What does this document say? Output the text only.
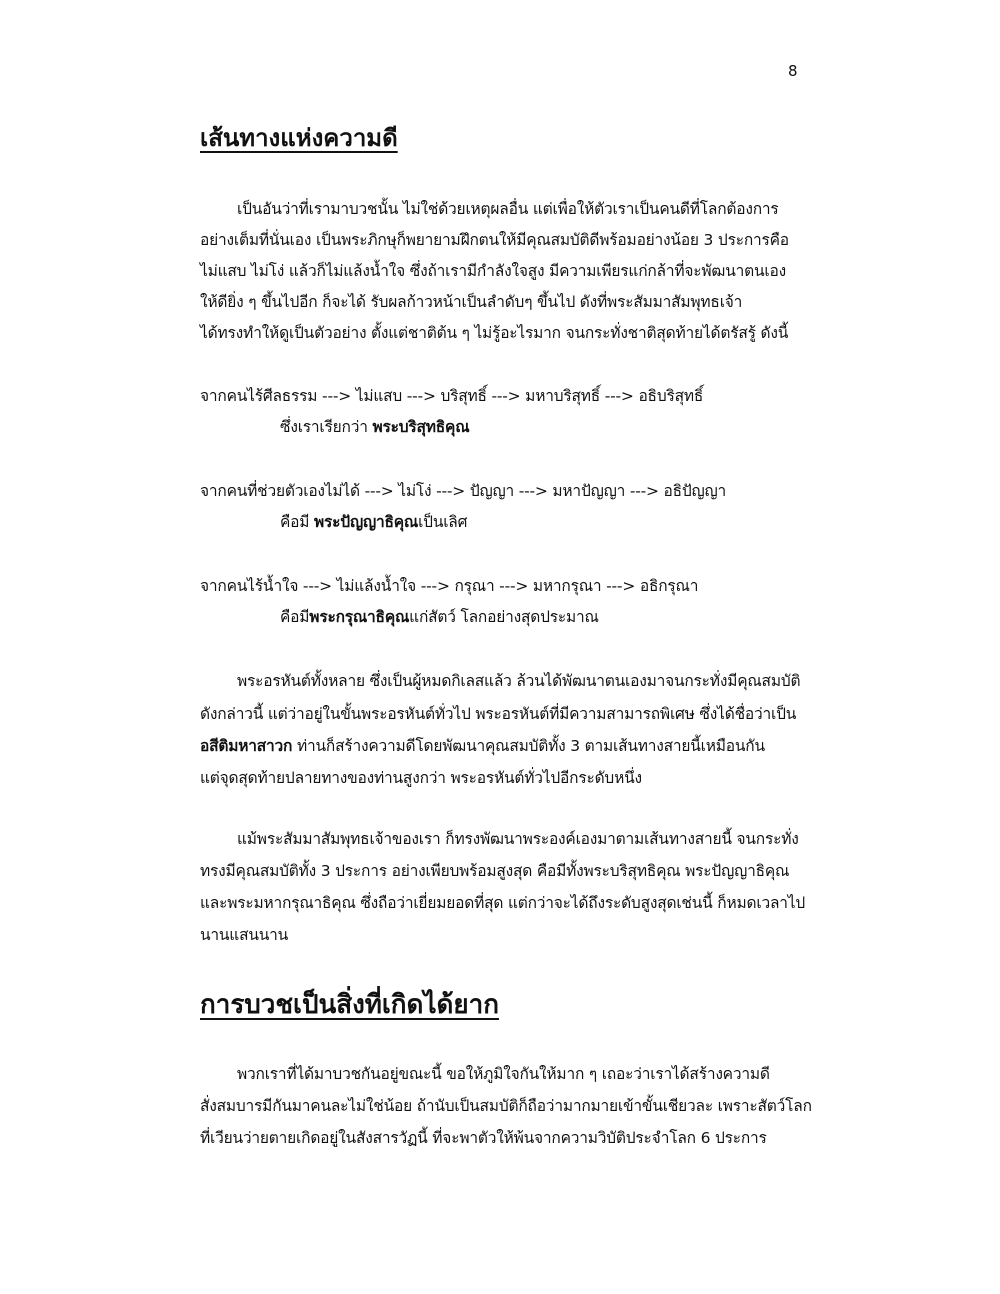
8
เส้นทางแห่งความดี
เป็นอันว่าที่เรามาบวชนั้น ไม่ใช่ด้วยเหตุผลอื่น แต่เพื่อให้ตัวเราเป็นคนดีที่โลกต้องการ
อย่างเต็มที่นั่นเอง เป็นพระภิกษุก็พยายามฝึกตนให้มีคุณสมบัติดีพร้อมอย่างน้อย 3 ประการคือ
ไม่แสบ ไม่โง่ แล้วก็ไม่แล้งน้ำใจ ซึ่งถ้าเรามีกำลังใจสูง มีความเพียรแก่กล้าที่จะพัฒนาตนเอง
ให้ดียิ่ง ๆ ขึ้นไปอีก ก็จะได้ รับผลก้าวหน้าเป็นลำดับๆ ขึ้นไป ดังที่พระสัมมาสัมพุทธเจ้า
ได้ทรงทำให้ดูเป็นตัวอย่าง ตั้งแต่ชาติต้น ๆ ไม่รู้อะไรมาก จนกระทั่งชาติสุดท้ายได้ตรัสรู้ ดังนี้
จากคนไร้ศีลธรรม ---> ไม่แสบ ---> บริสุทธิ์ ---> มหาบริสุทธิ์ ---> อธิบริสุทธิ์
ซึ่งเราเรียกว่า พระบริสุทธิคุณ
จากคนที่ช่วยตัวเองไม่ได้ ---> ไม่โง่ ---> ปัญญา ---> มหาปัญญา ---> อธิปัญญา
คือมี พระปัญญาธิคุณเป็นเลิศ
จากคนไร้น้ำใจ ---> ไม่แล้งน้ำใจ ---> กรุณา ---> มหากรุณา ---> อธิกรุณา
คือมีพระกรุณาธิคุณแก่สัตว์ โลกอย่างสุดประมาณ
พระอรหันต์ทั้งหลาย ซึ่งเป็นผู้หมดกิเลสแล้ว ล้วนได้พัฒนาตนเองมาจนกระทั่งมีคุณสมบัติ
ดังกล่าวนี้ แต่ว่าอยู่ในขั้นพระอรหันต์ทั่วไป พระอรหันต์ที่มีความสามารถพิเศษ ซึ่งได้ชื่อว่าเป็น
อสีติมหาสาวก ท่านก็สร้างความดีโดยพัฒนาคุณสมบัติทั้ง 3 ตามเส้นทางสายนี้เหมือนกัน
แต่จุดสุดท้ายปลายทางของท่านสูงกว่า พระอรหันต์ทั่วไปอีกระดับหนึ่ง
แม้พระสัมมาสัมพุทธเจ้าของเรา ก็ทรงพัฒนาพระองค์เองมาตามเส้นทางสายนี้ จนกระทั่ง
ทรงมีคุณสมบัติทั้ง 3 ประการ อย่างเพียบพร้อมสูงสุด คือมีทั้งพระบริสุทธิคุณ พระปัญญาธิคุณ
และพระมหากรุณาธิคุณ ซึ่งถือว่าเยี่ยมยอดที่สุด แต่กว่าจะได้ถึงระดับสูงสุดเช่นนี้ ก็หมดเวลาไป
นานแสนนาน
การบวชเป็นสิ่งที่เกิดได้ยาก
พวกเราที่ได้มาบวชกันอยู่ขณะนี้ ขอให้ภูมิใจกันให้มาก ๆ เถอะว่าเราได้สร้างความดี
สั่งสมบารมีกันมาคนละไม่ใช่น้อย ถ้านับเป็นสมบัติก็ถือว่ามากมายเข้าขั้นเชียวละ เพราะสัตว์โลก
ที่เวียนว่ายตายเกิดอยู่ในสังสารวัฏนี้ ที่จะพาตัวให้พ้นจากความวิบัติประจำโลก 6 ประการ
